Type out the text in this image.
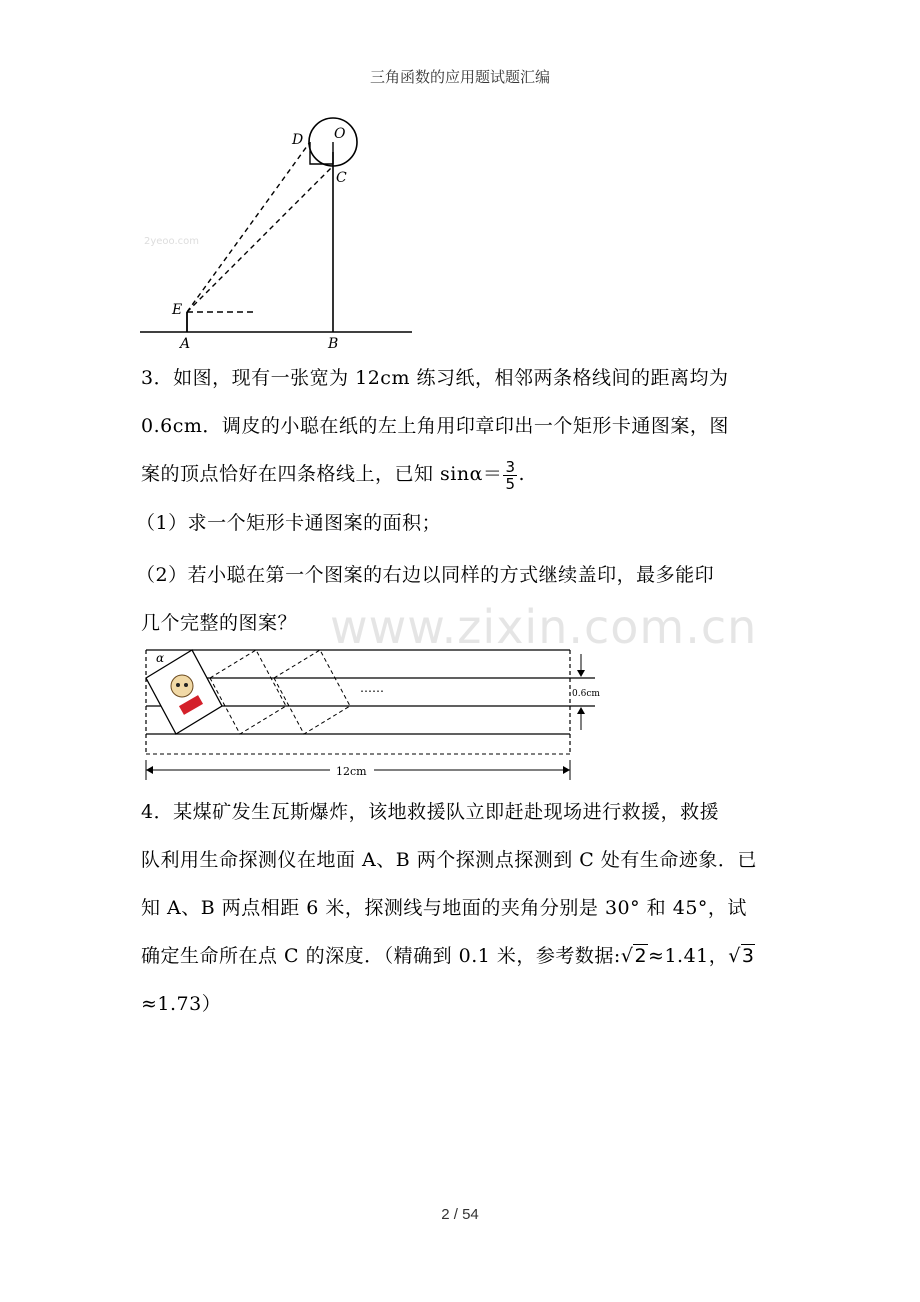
三角函数的应用题试题汇编
D O
C
E
A	B
2yeoo.com
3．如图，现有一张宽为 12cm 练习纸，相邻两条格线间的距离均为
0.6cm．调皮的小聪在纸的左上角用印章印出一个矩形卡通图案，图
案的顶点恰好在四条格线上，已知 $\sin\alpha= \frac{3}{5}$ .
（1）求一个矩形卡通图案的面积；
（2）若小聪在第一个图案的右边以同样的方式继续盖印，最多能印
几个完整的图案？ www.zixin.com.cn
α
……	0.6cm
12cm
4．某煤矿发生瓦斯爆炸，该地救援队立即赶赴现场进行救援，救援
队利用生命探测仪在地面 A、B 两个探测点探测到 C 处有生命迹象．已
知 A、B 两点相距 6 米，探测线与地面的夹角分别是 30° 和 45°，试
确定生命所在点 C 的深度．（精确到 0.1 米，参考数据:√2≈1.41，√3
≈1.73）
2 / 54
